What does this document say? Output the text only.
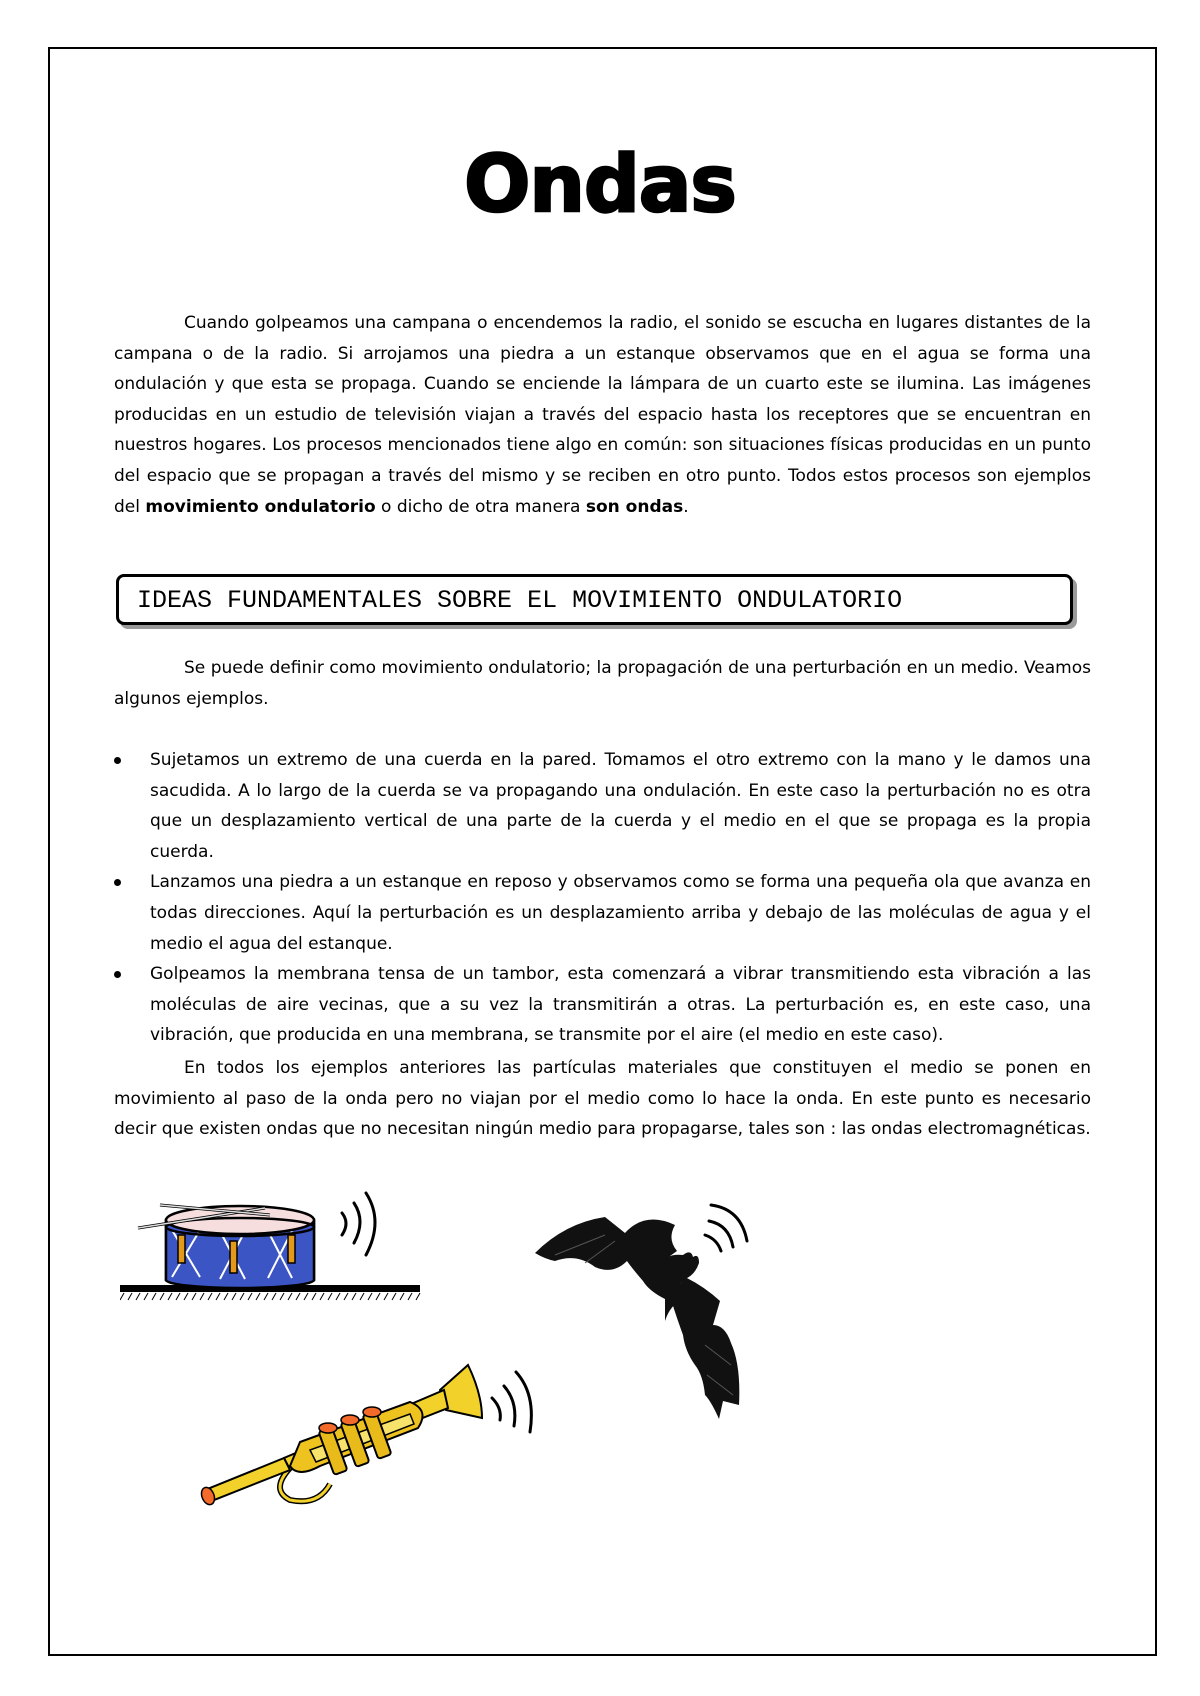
Ondas

Cuando golpeamos una campana o encendemos la radio, el sonido se escucha en lugares distantes de la campana o de la radio. Si arrojamos una piedra a un estanque observamos que en el agua se forma una ondulación y que esta se propaga. Cuando se enciende la lámpara de un cuarto este se ilumina. Las imágenes producidas en un estudio de televisión viajan a través del espacio hasta los receptores que se encuentran en nuestros hogares. Los procesos mencionados tiene algo en común: son situaciones físicas producidas en un punto del espacio que se propagan a través del mismo y se reciben en otro punto. Todos estos procesos son ejemplos del movimiento ondulatorio o dicho de otra manera son ondas.

IDEAS FUNDAMENTALES SOBRE EL MOVIMIENTO ONDULATORIO

Se puede definir como movimiento ondulatorio; la propagación de una perturbación en un medio. Veamos algunos ejemplos.

Sujetamos un extremo de una cuerda en la pared. Tomamos el otro extremo con la mano y le damos una sacudida. A lo largo de la cuerda se va propagando una ondulación. En este caso la perturbación no es otra que un desplazamiento vertical de una parte de la cuerda y el medio en el que se propaga es la propia cuerda.
Lanzamos una piedra a un estanque en reposo y observamos como se forma una pequeña ola que avanza en todas direcciones. Aquí la perturbación es un desplazamiento arriba y debajo de las moléculas de agua y el medio el agua del estanque.
Golpeamos la membrana tensa de un tambor, esta comenzará a vibrar transmitiendo esta vibración a las moléculas de aire vecinas, que a su vez la transmitirán a otras. La perturbación es, en este caso, una vibración, que producida en una membrana, se transmite por el aire (el medio en este caso).

En todos los ejemplos anteriores las partículas materiales que constituyen el medio se ponen en movimiento al paso de la onda pero no viajan por el medio como lo hace la onda. En este punto es necesario decir que existen ondas que no necesitan ningún medio para propagarse, tales son : las ondas electromagnéticas.
